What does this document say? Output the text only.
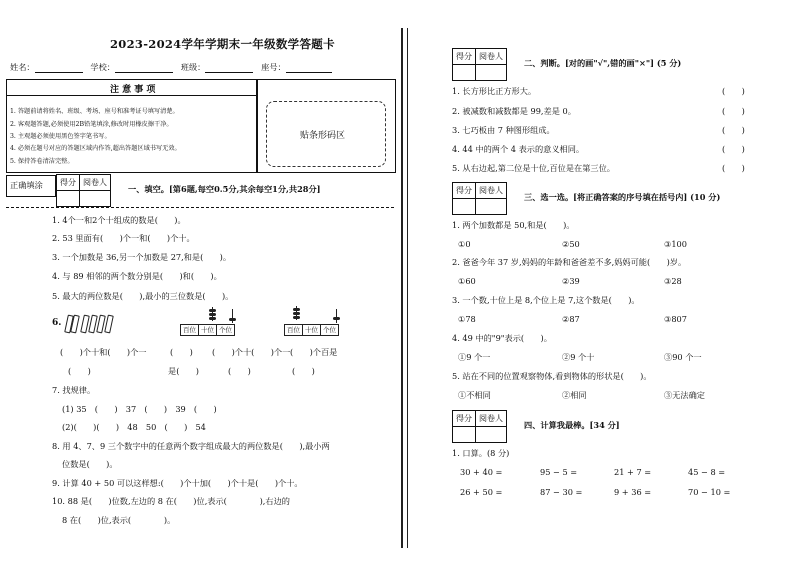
2023-2024学年学期末一年级数学答题卡
姓名：	学校：	班级：	座号：
注 意 事 项
1. 答题前请将姓名、班级、考场、座号和准考证号填写清楚。
2. 客观题答题,必须使用2B铅笔填涂,修改时用橡皮擦干净。
3. 主观题必须使用黑色签字笔书写。
4. 必须在题号对应的答题区域内作答,超出答题区域书写无效。
5. 保持答卷清洁完整。
贴条形码区
正确填涂 得分	阅卷人

一、填空。[第6题,每空0.5分,其余每空1分,共28分]
1. 4个一和2个十组成的数是(　　)。
2. 53 里面有(　　)个一和(　　)个十。
3. 一个加数是 36,另一个加数是 27,和是(　　)。
4. 与 89 相邻的两个数分别是(　　)和(　　)。
5. 最大的两位数是(　　),最小的三位数是(　　)。
6.
百位 十位 个位	百位 十位 个位
(　　)个十和(　　)个一	(　　) (　　)个十(　　)个一 (　　)个百是
(　　)	是(　　)	(　　)	(　　)
7. 找规律。
(1) 35　(　　)　37　(　　)　39　(　　)
(2)(　　)(　　)　48　50　(　　)　54
8. 用 4、7、9 三个数字中的任意两个数字组成最大的两位数是(　　),最小两
位数是(　　)。
9. 计算 40 + 50 可以这样想:(　　)个十加(　　)个十是(　　)个十。
10. 88 是(　　)位数,左边的 8 在(　　)位,表示(　　　　),右边的
8 在(　　)位,表示(　　　　)。
得分	阅卷人

二、判断。[对的画"√",错的画"×"] (5 分)
1. 长方形比正方形大。	(　　)
2. 被减数和减数都是 99,差是 0。	(　　)
3. 七巧板由 7 种图形组成。	(　　)
4. 44 中的两个 4 表示的意义相同。	(　　)
5. 从右边起,第二位是十位,百位是在第三位。	(　　)
得分	阅卷人

三、选一选。[将正确答案的序号填在括号内] (10 分)
1. 两个加数都是 50,和是(　　)。
①0	②50	③100
2. 爸爸今年 37 岁,妈妈的年龄和爸爸差不多,妈妈可能(　　)岁。
①60	②39	③28
3. 一个数,十位上是 8,个位上是 7,这个数是(　　)。
①78	②87	③807
4. 49 中的"9"表示(　　)。
①9 个一	②9 个十	③90 个一
5. 站在不同的位置观察物体,看到物体的形状是(　　)。
①不相同	②相同	③无法确定
得分	阅卷人

四、计算我最棒。[34 分]
1. 口算。(8 分)
30 + 40 =	95 − 5 =	21 + 7 =	45 − 8 =
26 + 50 =	87 − 30 =	9 + 36 =	70 − 10 =
